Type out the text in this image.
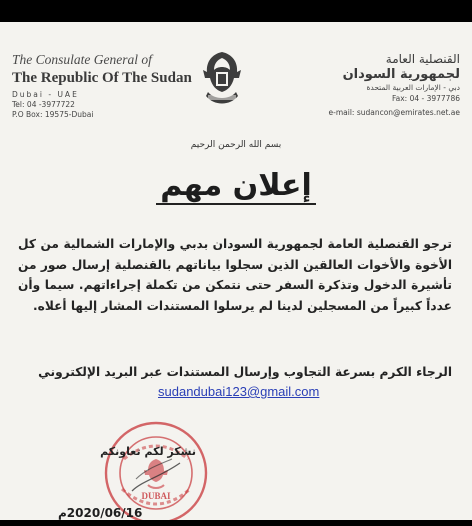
The Consulate General of
The Republic Of The Sudan
Dubai - UAE
Tel: 04 -3977722
P.O Box: 19575-Dubai
القنصلية العامة
لجمهورية السودان
دبي - الإمارات العربية المتحدة
Fax: 04 - 3977786
e-mail: sudancon@emirates.net.ae
بسم الله الرحمن الرحيم
إعلان مهم
ترجو القنصلية العامة لجمهورية السودان بدبي والإمارات الشمالية من كل الأخوة والأخوات العالقين الذين سجلوا بياناتهم بالقنصلية إرسال صور من تأشيرة الدخول وتذكرة السفر حتى نتمكن من تكملة إجراءاتهم. سيما وأن عدداً كبيراً من المسجلين لدينا لم يرسلوا المستندات المشار إليها أعلاه.
الرجاء الكرم بسرعة التجاوب وإرسال المستندات عبر البريد الإلكتروني
sudandubai123@gmail.com
DUBAI
نشكر لكم تعاونكم
2020/06/16م
